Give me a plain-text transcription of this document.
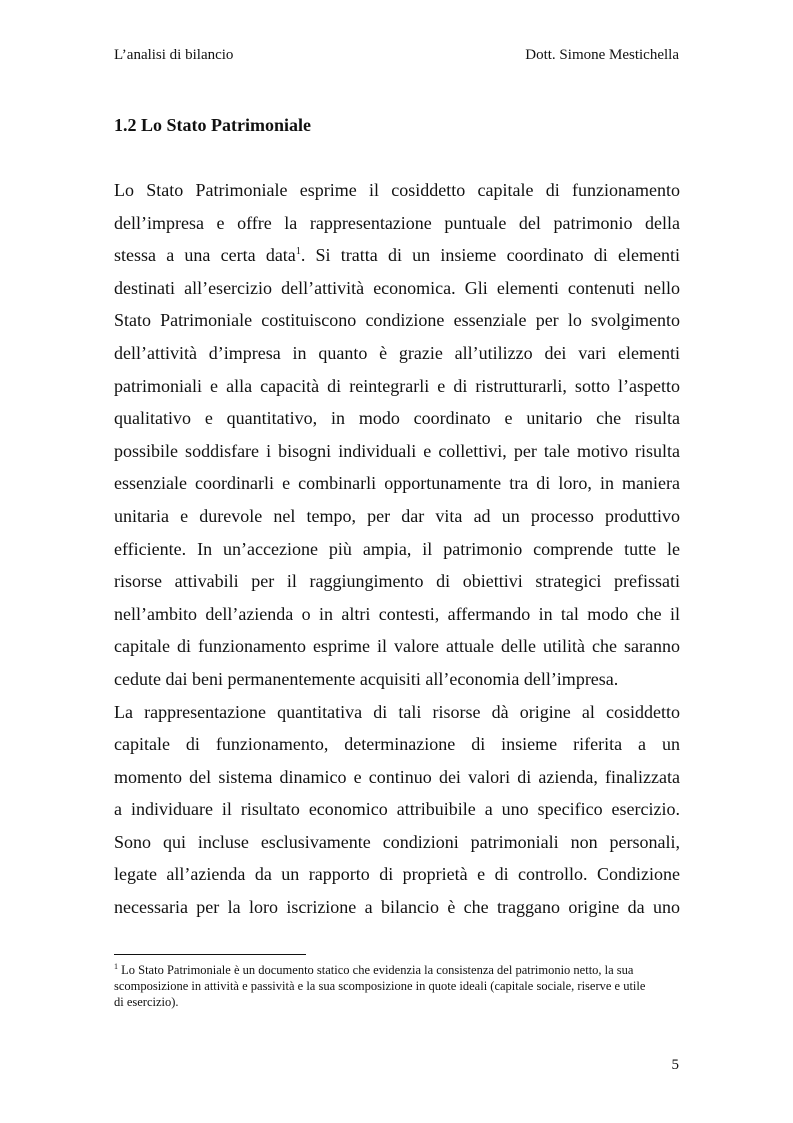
L’analisi di bilancio	Dott. Simone Mestichella
1.2 Lo Stato Patrimoniale
Lo Stato Patrimoniale esprime il cosiddetto capitale di funzionamento
dell’impresa e offre la rappresentazione puntuale del patrimonio della
stessa a una certa data$^1$. Si tratta di un insieme coordinato di elementi
destinati all’esercizio dell’attività economica. Gli elementi contenuti nello
Stato Patrimoniale costituiscono condizione essenziale per lo svolgimento
dell’attività d’impresa in quanto è grazie all’utilizzo dei vari elementi
patrimoniali e alla capacità di reintegrarli e di ristrutturarli, sotto l’aspetto
qualitativo e quantitativo, in modo coordinato e unitario che risulta
possibile soddisfare i bisogni individuali e collettivi, per tale motivo risulta
essenziale coordinarli e combinarli opportunamente tra di loro, in maniera
unitaria e durevole nel tempo, per dar vita ad un processo produttivo
efficiente. In un’accezione più ampia, il patrimonio comprende tutte le
risorse attivabili per il raggiungimento di obiettivi strategici prefissati
nell’ambito dell’azienda o in altri contesti, affermando in tal modo che il
capitale di funzionamento esprime il valore attuale delle utilità che saranno
cedute dai beni permanentemente acquisiti all’economia dell’impresa.
La rappresentazione quantitativa di tali risorse dà origine al cosiddetto
capitale di funzionamento, determinazione di insieme riferita a un
momento del sistema dinamico e continuo dei valori di azienda, finalizzata
a individuare il risultato economico attribuibile a uno specifico esercizio.
Sono qui incluse esclusivamente condizioni patrimoniali non personali,
legate all’azienda da un rapporto di proprietà e di controllo. Condizione
necessaria per la loro iscrizione a bilancio è che traggano origine da uno
$^1$ Lo Stato Patrimoniale è un documento statico che evidenzia la consistenza del patrimonio netto, la sua
scomposizione in attività e passività e la sua scomposizione in quote ideali (capitale sociale, riserve e utile
di esercizio).
5
